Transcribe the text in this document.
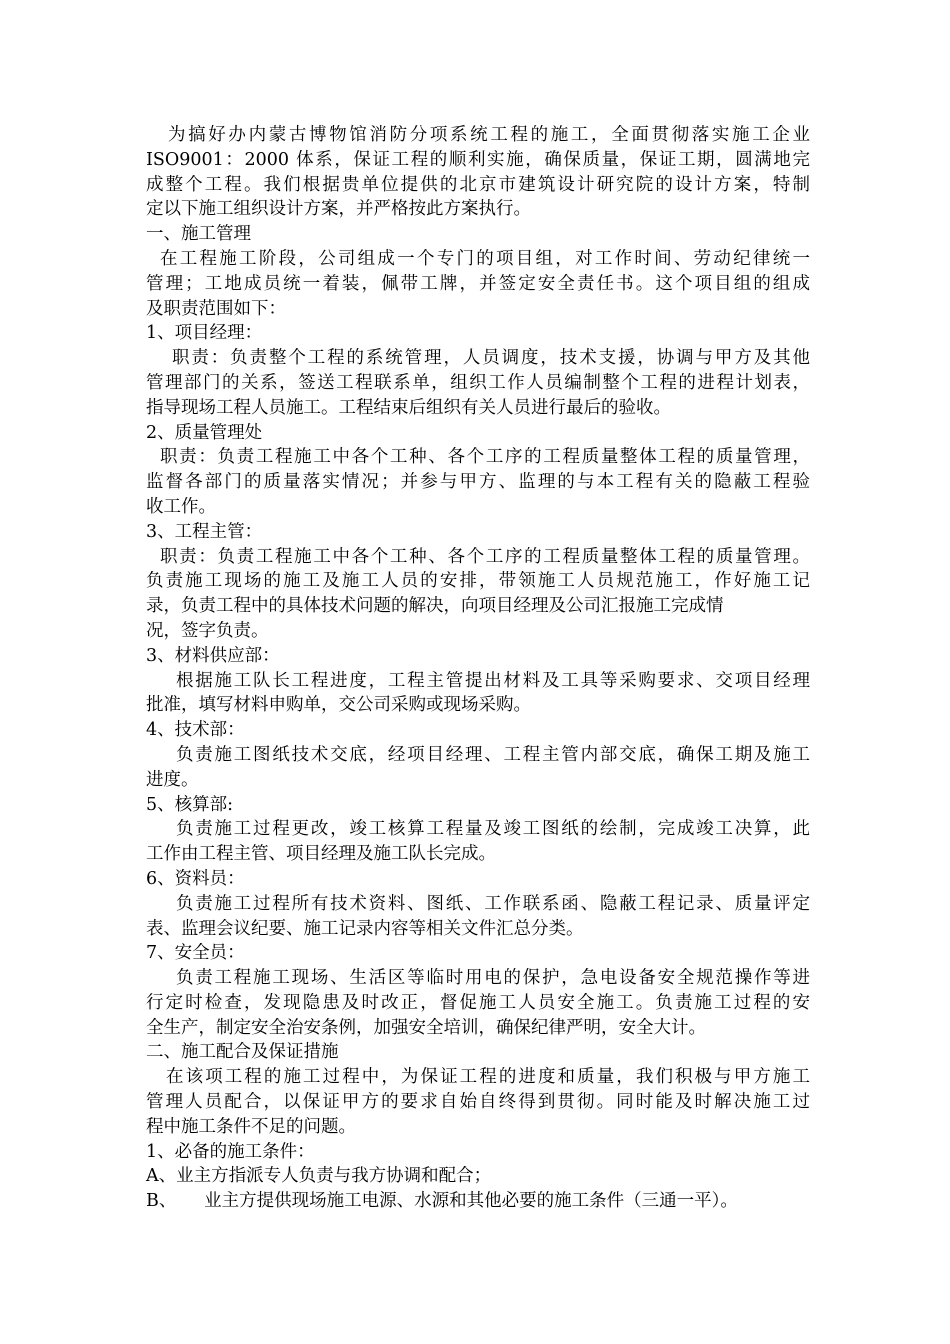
为搞好办内蒙古博物馆消防分项系统工程的施工，全面贯彻落实施工企业
ISO9001：2000 体系，保证工程的顺利实施，确保质量，保证工期，圆满地完
成整个工程。我们根据贵单位提供的北京市建筑设计研究院的设计方案，特制
定以下施工组织设计方案，并严格按此方案执行。
一、施工管理
在工程施工阶段，公司组成一个专门的项目组，对工作时间、劳动纪律统一
管理；工地成员统一着装，佩带工牌，并签定安全责任书。这个项目组的组成
及职责范围如下：
1、项目经理：
职责：负责整个工程的系统管理，人员调度，技术支援，协调与甲方及其他
管理部门的关系，签送工程联系单，组织工作人员编制整个工程的进程计划表，
指导现场工程人员施工。工程结束后组织有关人员进行最后的验收。
2、质量管理处
职责：负责工程施工中各个工种、各个工序的工程质量整体工程的质量管理，
监督各部门的质量落实情况；并参与甲方、监理的与本工程有关的隐蔽工程验
收工作。
3、工程主管：
职责：负责工程施工中各个工种、各个工序的工程质量整体工程的质量管理。
负责施工现场的施工及施工人员的安排，带领施工人员规范施工，作好施工记
录，负责工程中的具体技术问题的解决，向项目经理及公司汇报施工完成情
况，签字负责。
3、材料供应部：
根据施工队长工程进度，工程主管提出材料及工具等采购要求、交项目经理
批准，填写材料申购单，交公司采购或现场采购。
4、技术部：
负责施工图纸技术交底，经项目经理、工程主管内部交底，确保工期及施工
进度。
5、核算部:
负责施工过程更改，竣工核算工程量及竣工图纸的绘制，完成竣工决算，此
工作由工程主管、项目经理及施工队长完成。
6、资料员：
负责施工过程所有技术资料、图纸、工作联系函、隐蔽工程记录、质量评定
表、监理会议纪要、施工记录内容等相关文件汇总分类。
7、安全员：
负责工程施工现场、生活区等临时用电的保护，急电设备安全规范操作等进
行定时检查，发现隐患及时改正，督促施工人员安全施工。负责施工过程的安
全生产，制定安全治安条例，加强安全培训，确保纪律严明，安全大计。
二、施工配合及保证措施
在该项工程的施工过程中，为保证工程的进度和质量，我们积极与甲方施工
管理人员配合，以保证甲方的要求自始自终得到贯彻。同时能及时解决施工过
程中施工条件不足的问题。
1、必备的施工条件：
A、业主方指派专人负责与我方协调和配合；
B、     业主方提供现场施工电源、水源和其他必要的施工条件（三通一平）。
